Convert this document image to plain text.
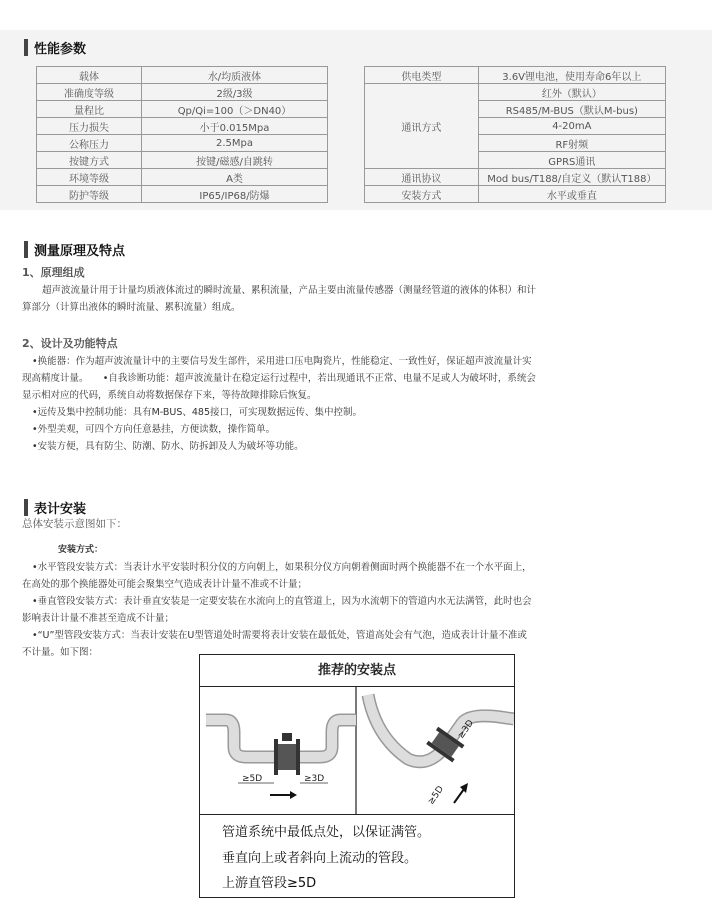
性能参数
载体	水/均质液体
准确度等级	2级/3级
量程比	Qp/Qi=100（＞DN40）
压力损失	小于0.015Mpa
公称压力	2.5Mpa
按键方式	按键/磁感/自跳转
环境等级	A类
防护等级	IP65/IP68/防爆
供电类型	3.6V锂电池，使用寿命6年以上
通讯方式	红外（默认）
	RS485/M-BUS（默认M-bus)
	4-20mA
	RF射频
	GPRS通讯
通讯协议	Mod bus/T188/自定义（默认T188）
安装方式	水平或垂直
测量原理及特点
1、原理组成
超声波流量计用于计量均质液体流过的瞬时流量、累积流量，产品主要由流量传感器（测量经管道的液体的体积）和计
算部分（计算出液体的瞬时流量、累积流量）组成。
2、设计及功能特点
•换能器：作为超声波流量计中的主要信号发生部件，采用进口压电陶瓷片，性能稳定、一致性好，保证超声波流量计实
现高精度计量。　　•自我诊断功能：超声波流量计在稳定运行过程中，若出现通讯不正常、电量不足或人为破坏时，系统会
显示相对应的代码，系统自动将数据保存下来，等待故障排除后恢复。
•远传及集中控制功能：具有M-BUS、485接口，可实现数据远传、集中控制。
•外型美观，可四个方向任意悬挂，方便读数，操作简单。
•安装方便，具有防尘、防潮、防水、防拆卸及人为破坏等功能。
表计安装
总体安装示意图如下：
安装方式：
•水平管段安装方式：当表计水平安装时积分仪的方向朝上，如果积分仪方向朝着侧面时两个换能器不在一个水平面上，
在高处的那个换能器处可能会聚集空气造成表计计量不准或不计量；
•垂直管段安装方式：表计垂直安装是一定要安装在水流向上的直管道上，因为水流朝下的管道内水无法满管，此时也会
影响表计计量不准甚至造成不计量；
•“U”型管段安装方式：当表计安装在U型管道处时需要将表计安装在最低处，管道高处会有气泡，造成表计计量不准或
不计量。如下图：
推荐的安装点
≥5D	≥3D
≥5D
≥3D
管道系统中最低点处，以保证满管。
垂直向上或者斜向上流动的管段。
上游直管段≥5D
